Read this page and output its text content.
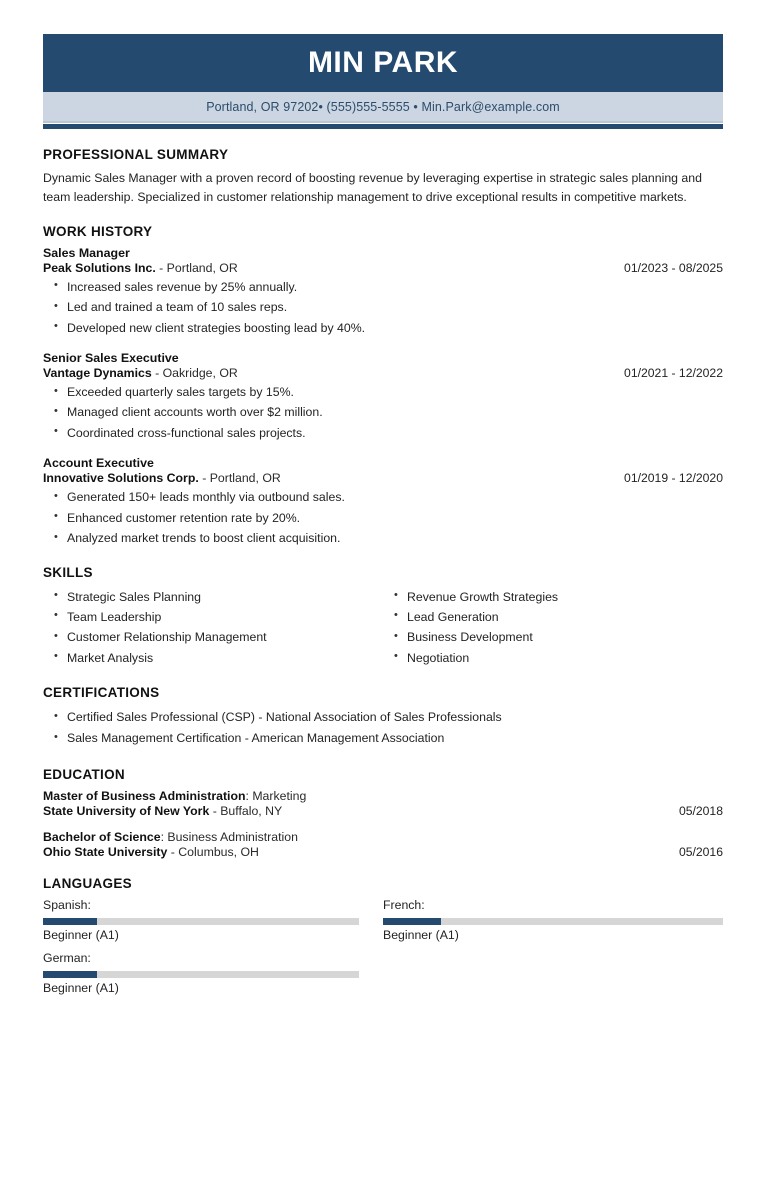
MIN PARK
Portland, OR 97202• (555)555-5555 • Min.Park@example.com
PROFESSIONAL SUMMARY

Dynamic Sales Manager with a proven record of boosting revenue by leveraging expertise in strategic sales planning and team leadership. Specialized in customer relationship management to drive exceptional results in competitive markets.

WORK HISTORY
Sales Manager
Peak Solutions Inc. - Portland, OR	01/2023 - 08/2025
• Increased sales revenue by 25% annually.
• Led and trained a team of 10 sales reps.
• Developed new client strategies boosting lead by 40%.
Senior Sales Executive
Vantage Dynamics - Oakridge, OR	01/2021 - 12/2022
• Exceeded quarterly sales targets by 15%.
• Managed client accounts worth over $2 million.
• Coordinated cross-functional sales projects.
Account Executive
Innovative Solutions Corp. - Portland, OR	01/2019 - 12/2020
• Generated 150+ leads monthly via outbound sales.
• Enhanced customer retention rate by 20%.
• Analyzed market trends to boost client acquisition.
SKILLS
• Strategic Sales Planning
• Team Leadership
• Customer Relationship Management
• Market Analysis
• Revenue Growth Strategies
• Lead Generation
• Business Development
• Negotiation
CERTIFICATIONS
• Certified Sales Professional (CSP) - National Association of Sales Professionals
• Sales Management Certification - American Management Association
EDUCATION
Master of Business Administration: Marketing
State University of New York - Buffalo, NY	05/2018
Bachelor of Science: Business Administration
Ohio State University - Columbus, OH	05/2016
LANGUAGES
Spanish:
Beginner (A1)
French:
Beginner (A1)
German:
Beginner (A1)
